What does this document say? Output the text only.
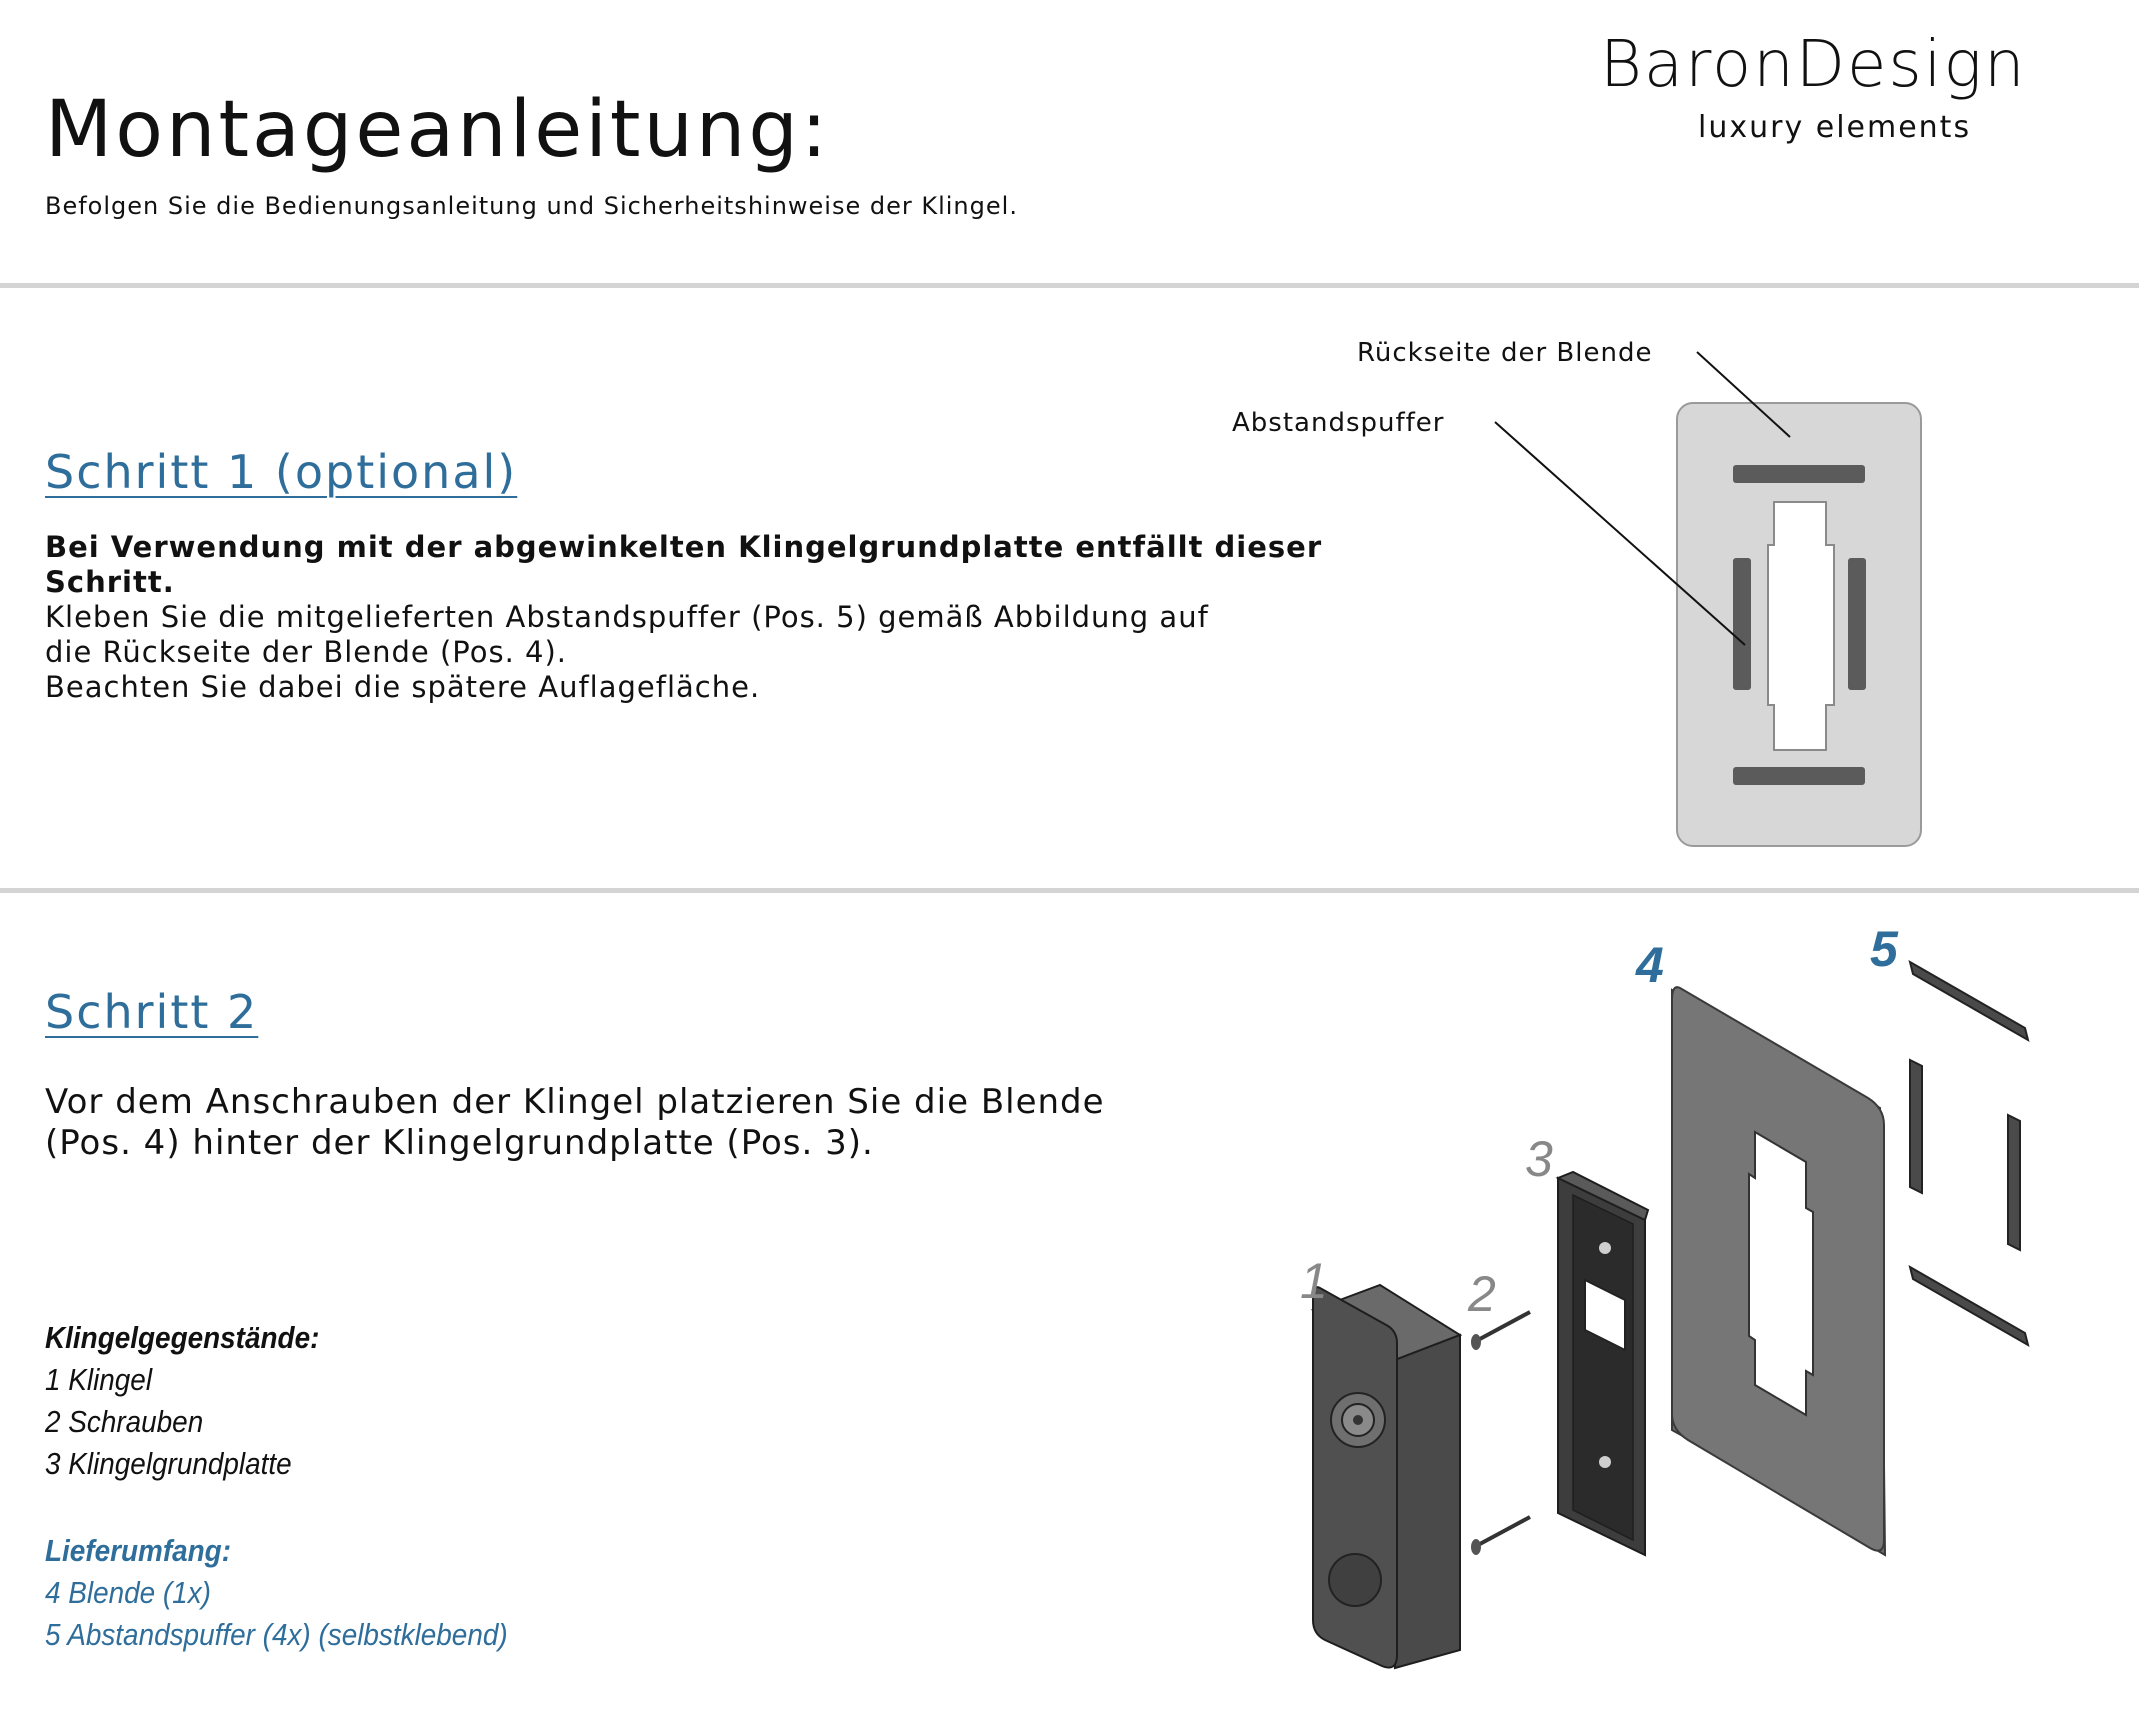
BaronDesign
luxury elements
Montageanleitung:
Befolgen Sie die Bedienungsanleitung und Sicherheitshinweise der Klingel.
Schritt 1 (optional)
Bei Verwendung mit der abgewinkelten Klingelgrundplatte entfällt dieser Schritt.
Kleben Sie die mitgelieferten Abstandspuffer (Pos. 5) gemäß Abbildung auf
die Rückseite der Blende (Pos. 4).
Beachten Sie dabei die spätere Auflagefläche.
Rückseite der Blende
Abstandspuffer
1	2
3
4	5
Schritt 2
Vor dem Anschrauben der Klingel platzieren Sie die Blende
(Pos. 4) hinter der Klingelgrundplatte (Pos. 3).
Klingelgegenstände:
1 Klingel
2 Schrauben
3 Klingelgrundplatte
Lieferumfang:
4 Blende (1x)
5 Abstandspuffer (4x) (selbstklebend)
